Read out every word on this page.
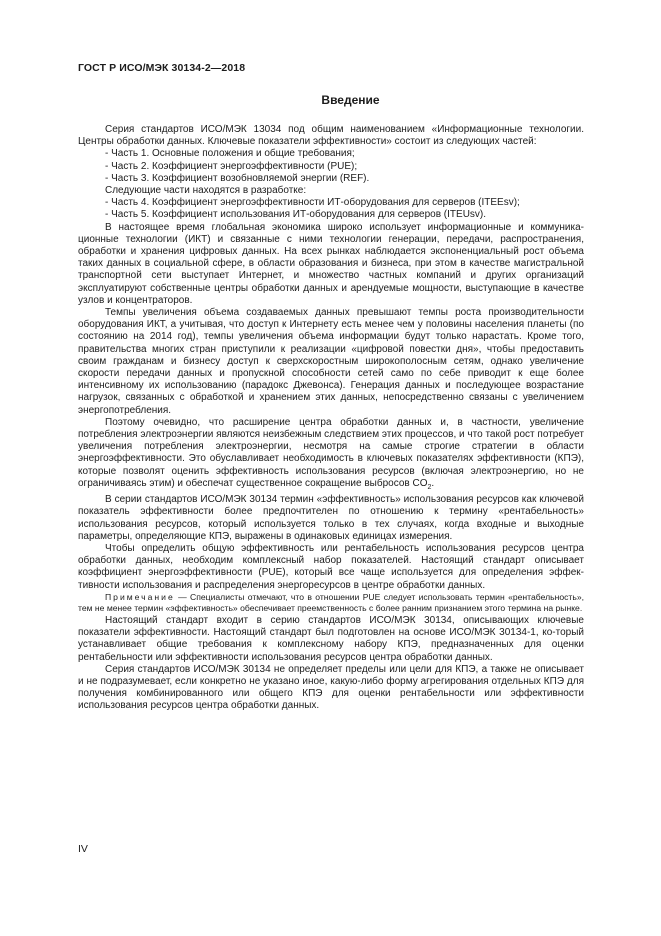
ГОСТ Р ИСО/МЭК 30134-2—2018
Введение

Серия стандартов ИСО/МЭК 13034 под общим наименованием «Информационные технологии. Центры обработки данных. Ключевые показатели эффективности» состоит из следующих частей:

- Часть 1. Основные положения и общие требования;

- Часть 2. Коэффициент энергоэффективности (PUE);

- Часть 3. Коэффициент возобновляемой энергии (REF).

Следующие части находятся в разработке:

- Часть 4. Коэффициент энергоэффективности ИТ-оборудования для серверов (ITEEsv);

- Часть 5. Коэффициент использования ИТ-оборудования для серверов (ITEUsv).

В настоящее время глобальная экономика широко использует информационные и коммуника-ционные технологии (ИКТ) и связанные с ними технологии генерации, передачи, распространения, обработки и хранения цифровых данных. На всех рынках наблюдается экспоненциальный рост объема таких данных в социальной сфере, в области образования и бизнеса, при этом в качестве магистральной транспортной сети выступает Интернет, и множество частных компаний и других организаций эксплуатируют собственные центры обработки данных и арендуемые мощности, выступающие в качестве узлов и концентраторов.

Темпы увеличения объема создаваемых данных превышают темпы роста производительности оборудования ИКТ, а учитывая, что доступ к Интернету есть менее чем у половины населения планеты (по состоянию на 2014 год), темпы увеличения объема информации будут только нарастать. Кроме того, правительства многих стран приступили к реализации «цифровой повестки дня», чтобы предоставить своим гражданам и бизнесу доступ к сверхскоростным широкополосным сетям, однако увеличение скорости передачи данных и пропускной способности сетей само по себе приводит к еще более интенсивному их использованию (парадокс Джевонса). Генерация данных и последующее возрастание нагрузок, связанных с обработкой и хранением этих данных, непосредственно связаны с увеличением энергопотребления.

Поэтому очевидно, что расширение центра обработки данных и, в частности, увеличение потребления электроэнергии являются неизбежным следствием этих процессов, и что такой рост потребует увеличения потребления электроэнергии, несмотря на самые строгие стратегии в области энергоэффективности. Это обуславливает необходимость в ключевых показателях эффективности (КПЭ), которые позволят оценить эффективность использования ресурсов (включая электроэнергию, но не ограничиваясь этим) и обеспечат существенное сокращение выбросов $CO_2$.

В серии стандартов ИСО/МЭК 30134 термин «эффективность» использования ресурсов как ключевой показатель эффективности более предпочтителен по отношению к термину «рентабельность» использования ресурсов, который используется только в тех случаях, когда входные и выходные параметры, определяющие КПЭ, выражены в одинаковых единицах измерения.

Чтобы определить общую эффективность или рентабельность использования ресурсов центра обработки данных, необходим комплексный набор показателей. Настоящий стандарт описывает коэффициент энергоэффективности (PUE), который все чаще используется для определения эффек-тивности использования и распределения энергоресурсов в центре обработки данных.

Примечание — Специалисты отмечают, что в отношении PUE следует использовать термин «рентабельность», тем не менее термин «эффективность» обеспечивает преемственность с более ранним признанием этого термина на рынке.

Настоящий стандарт входит в серию стандартов ИСО/МЭК 30134, описывающих ключевые показатели эффективности. Настоящий стандарт был подготовлен на основе ИСО/МЭК 30134-1, ко-торый устанавливает общие требования к комплексному набору КПЭ, предназначенных для оценки рентабельности или эффективности использования ресурсов центра обработки данных.

Серия стандартов ИСО/МЭК 30134 не определяет пределы или цели для КПЭ, а также не описывает и не подразумевает, если конкретно не указано иное, какую-либо форму агрегирования отдельных КПЭ для получения комбинированного или общего КПЭ для оценки рентабельности или эффективности использования ресурсов центра обработки данных.

IV
